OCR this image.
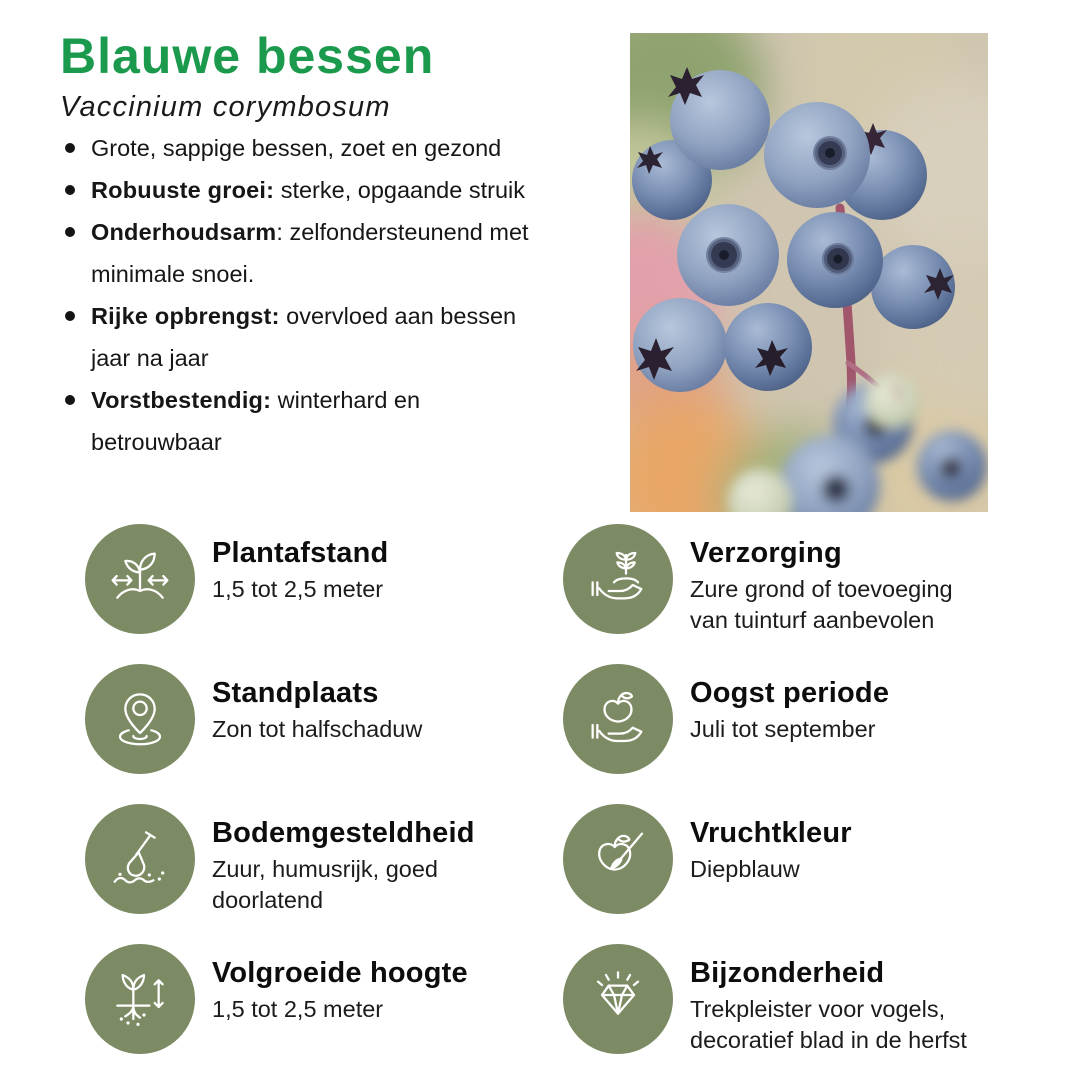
Blauwe bessen

Vaccinium corymbosum

Grote, sappige bessen, zoet en gezond
Robuuste groei: sterke, opgaande struik
Onderhoudsarm: zelfondersteunend met minimale snoei.
Rijke opbrengst: overvloed aan bessen jaar na jaar
Vorstbestendig: winterhard en betrouwbaar
Plantafstand

1,5 tot 2,5 meter

Verzorging

Zure grond of toevoeging van tuinturf aanbevolen

Standplaats

Zon tot halfschaduw

Oogst periode

Juli tot september

Bodemgesteldheid

Zuur, humusrijk, goed doorlatend

Vruchtkleur

Diepblauw

Volgroeide hoogte

1,5 tot 2,5 meter

Bijzonderheid

Trekpleister voor vogels, decoratief blad in de herfst
